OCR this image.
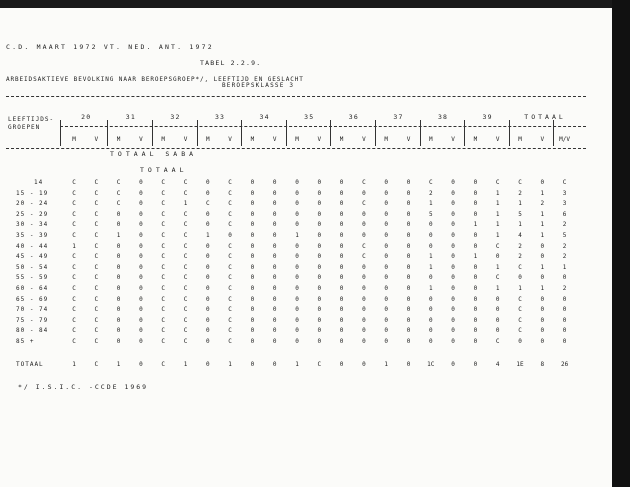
C.D. MAART 1972 VT. NED. ANT. 1972
TABEL 2.2.9.
ARBEIDSAKTIEVE BEVOLKING NAAR BEROEPSGROEP*/, LEEFTIJD EN GESLACHT
BEROEPSKLASSE 3
LEEFTIJDS-
GROEPEN
20	31	32	33	34	35	36	37	38	39	TOTAAL
M	V	M	V	M	V	M	V	M	V	M	V	M	V	M	V	M	V	M	V	M	V	M/V
TOTAAL SABA
TOTAAL
14	C	C	C	0	C	C	0	C	0	0	0	0	0	C	0	0	C	0	0	C	C	0	C
15 - 19	C	C	C	0	C	C	0	C	0	0	0	0	0	0	0	0	2	0	0	1	2	1	3
20 - 24	C	C	C	0	C	1	C	C	0	0	0	0	0	C	0	0	1	0	0	1	1	2	3
25 - 29	C	C	0	0	C	C	0	C	0	0	0	0	0	0	0	0	5	0	0	1	5	1	6
30 - 34	C	C	0	0	C	C	0	C	0	0	0	0	0	0	0	0	0	0	1	1	1	1	2
35 - 39	C	C	1	0	C	C	1	0	0	0	1	0	0	0	0	0	0	0	0	1	4	1	5
40 - 44	1	C	0	0	C	C	0	C	0	0	0	0	0	C	0	0	0	0	0	C	2	0	2
45 - 49	C	C	0	0	C	C	0	C	0	0	0	0	0	C	0	0	1	0	1	0	2	0	2
50 - 54	C	C	0	0	C	C	0	C	0	0	0	0	0	0	0	0	1	0	0	1	C	1	1
55 - 59	C	C	0	0	C	C	0	C	0	0	0	0	0	0	0	0	0	0	0	C	0	0	0
60 - 64	C	C	0	0	C	C	0	C	0	0	0	0	0	0	0	0	1	0	0	1	1	1	2
65 - 69	C	C	0	0	C	C	0	C	0	0	0	0	0	0	0	0	0	0	0	0	C	0	0
70 - 74	C	C	0	0	C	C	0	C	0	0	0	0	0	0	0	0	0	0	0	0	C	0	0
75 - 79	C	C	0	0	C	C	0	C	0	0	0	0	0	0	0	0	0	0	0	0	C	0	0
80 - 84	C	C	0	0	C	C	0	C	0	0	0	0	0	0	0	0	0	0	0	0	C	0	0
85 +	C	C	0	0	C	C	0	C	0	0	0	0	0	0	0	0	0	0	0	C	0	0	0
TOTAAL	1	C	1	0	C	1	0	1	0	0	1	C	0	0	1	0	1C	0	0	4	1E	8	26
*/ I.S.I.C. -CCDE 1969
